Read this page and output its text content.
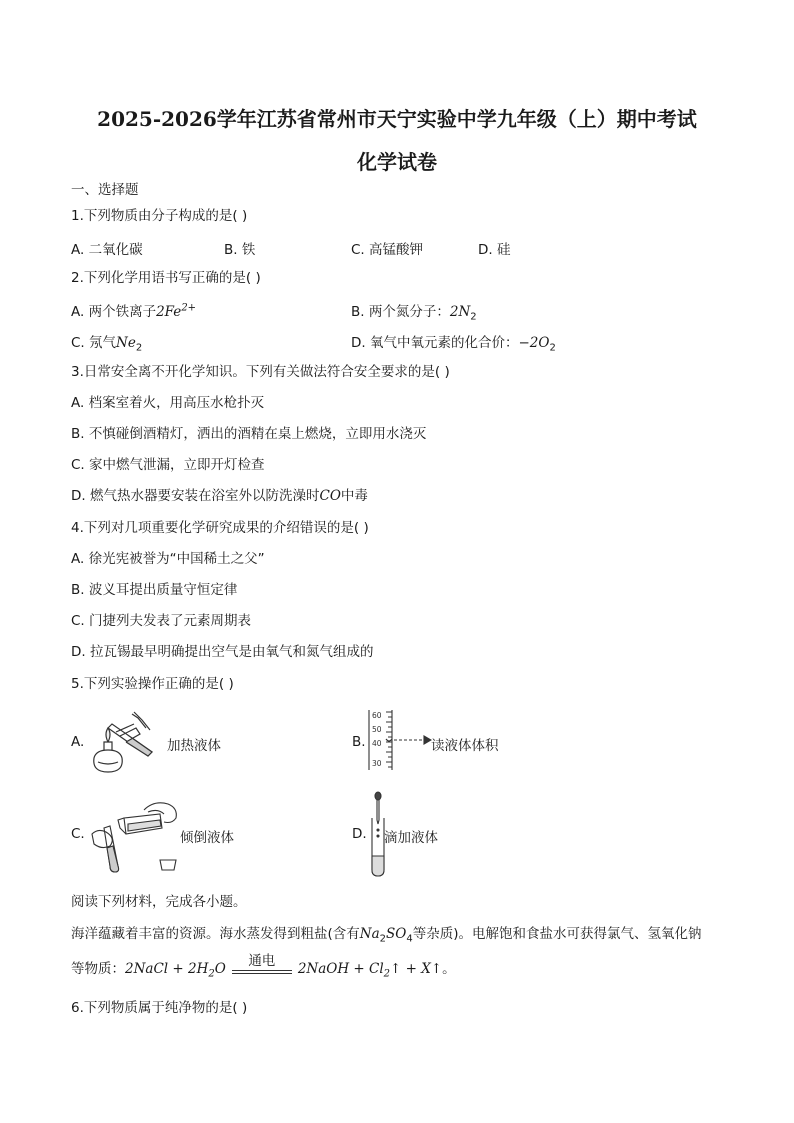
2025-2026学年江苏省常州市天宁实验中学九年级（上）期中考试
化学试卷
一、选择题
1.下列物质由分子构成的是( )
A. 二氧化碳	B. 铁	C. 高锰酸钾	D. 硅
2.下列化学用语书写正确的是( )
A. 两个铁离子$2Fe^{2+}$	B. 两个氮分子：$2N_2$
C. 氖气$Ne_2$	D. 氧气中氧元素的化合价：$-2O_2$
3.日常安全离不开化学知识。下列有关做法符合安全要求的是( )
A. 档案室着火，用高压水枪扑灭
B. 不慎碰倒酒精灯，洒出的酒精在桌上燃烧，立即用水浇灭
C. 家中燃气泄漏，立即开灯检查
D. 燃气热水器要安装在浴室外以防洗澡时CO中毒
4.下列对几项重要化学研究成果的介绍错误的是( )
A. 徐光宪被誉为“中国稀土之父”
B. 波义耳提出质量守恒定律
C. 门捷列夫发表了元素周期表
D. 拉瓦锡最早明确提出空气是由氧气和氮气组成的
5.下列实验操作正确的是( )
A.	加热液体	B.
60
50
40
30
读液体体积
C.	倾倒液体	D. 滴加液体
阅读下列材料，完成各小题。
海洋蕴藏着丰富的资源。海水蒸发得到粗盐(含有$Na_2SO_4$等杂质)。电解饱和食盐水可获得氯气、氢氧化钠
等物质：2NaCl + $2H_2O$	通电	2NaOH + $Cl_2↑$ + X↑。
6.下列物质属于纯净物的是( )
